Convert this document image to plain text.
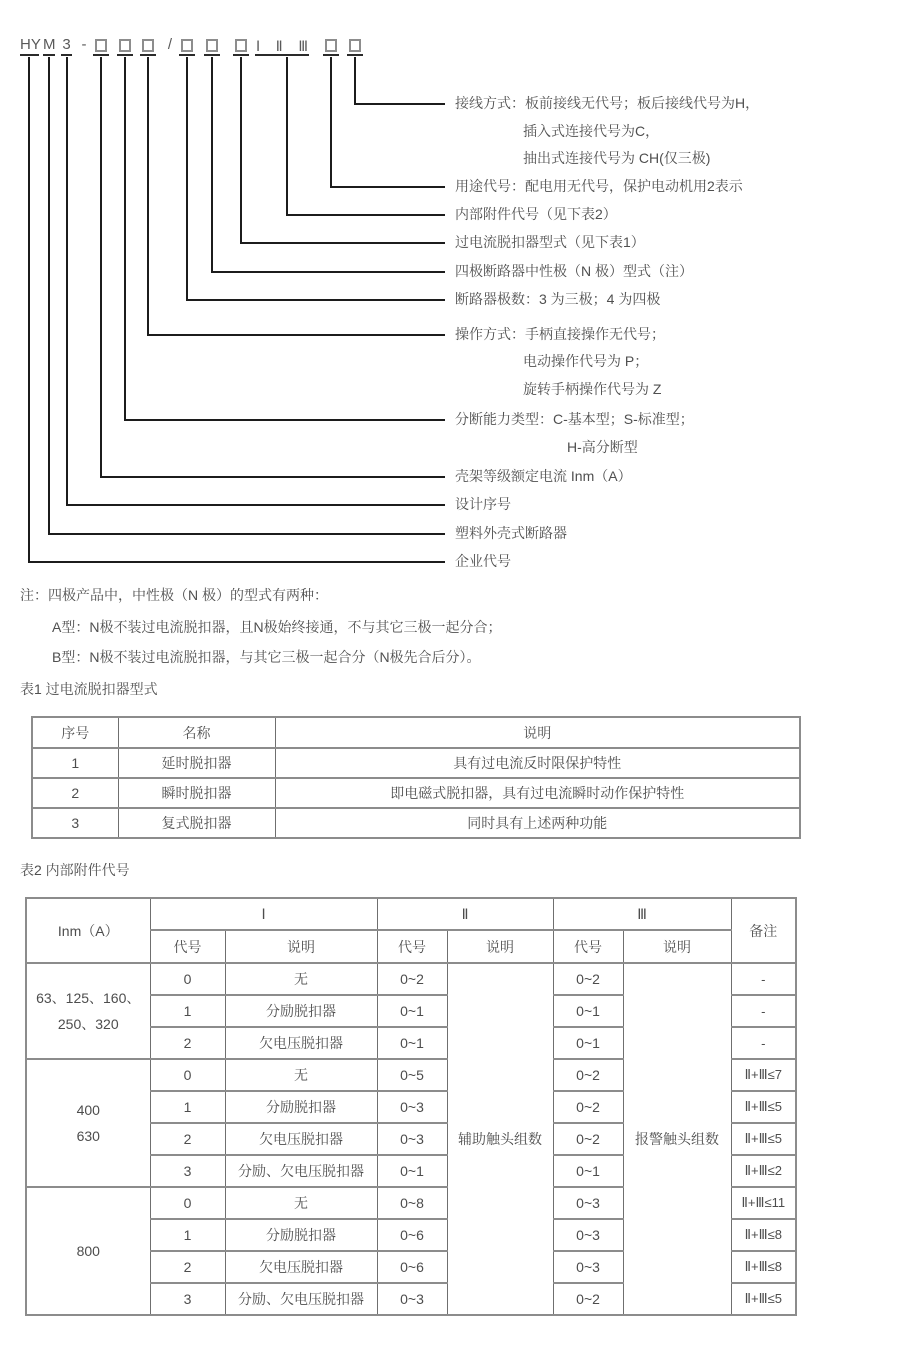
HY M 3 -	/	Ⅰ Ⅱ Ⅲ
接线方式：板前接线无代号；板后接线代号为H，
插入式连接代号为C，
抽出式连接代号为 CH(仅三极)
用途代号：配电用无代号，保护电动机用2表示
内部附件代号（见下表2）
过电流脱扣器型式（见下表1）
四极断路器中性极（N 极）型式（注）
断路器极数：3 为三极；4 为四极
操作方式：手柄直接操作无代号；
电动操作代号为 P；
旋转手柄操作代号为 Z
分断能力类型：C-基本型；S-标准型；
H-高分断型
壳架等级额定电流 Inm（A）
设计序号
塑料外壳式断路器
企业代号
注：四极产品中，中性极（N 极）的型式有两种：
A型：N极不装过电流脱扣器，且N极始终接通，不与其它三极一起分合；
B型：N极不装过电流脱扣器，与其它三极一起合分（N极先合后分）。
表1 过电流脱扣器型式
序号	名称	说明
1	延时脱扣器	具有过电流反时限保护特性
2	瞬时脱扣器	即电磁式脱扣器，具有过电流瞬时动作保护特性
3	复式脱扣器	同时具有上述两种功能
表2 内部附件代号
Inm（A）	Ⅰ		Ⅱ		Ⅲ		备注
	代号	说明	代号	说明	代号	说明	

63、125、160、
250、320	0	无	0~2	辅助触头组数	0~2	报警触头组数	-
	1	分励脱扣器	0~1		0~1		-
	2	欠电压脱扣器	0~1		0~1		-

400
630	0	无	0~5		0~2		Ⅱ+Ⅲ≤7
	1	分励脱扣器	0~3		0~2		Ⅱ+Ⅲ≤5
	2	欠电压脱扣器	0~3		0~2		Ⅱ+Ⅲ≤5
	3	分励、欠电压脱扣器	0~1		0~1		Ⅱ+Ⅲ≤2

800	0	无	0~8		0~3		Ⅱ+Ⅲ≤11
	1	分励脱扣器	0~6		0~3		Ⅱ+Ⅲ≤8
	2	欠电压脱扣器	0~6		0~3		Ⅱ+Ⅲ≤8
	3	分励、欠电压脱扣器	0~3		0~2		Ⅱ+Ⅲ≤5
